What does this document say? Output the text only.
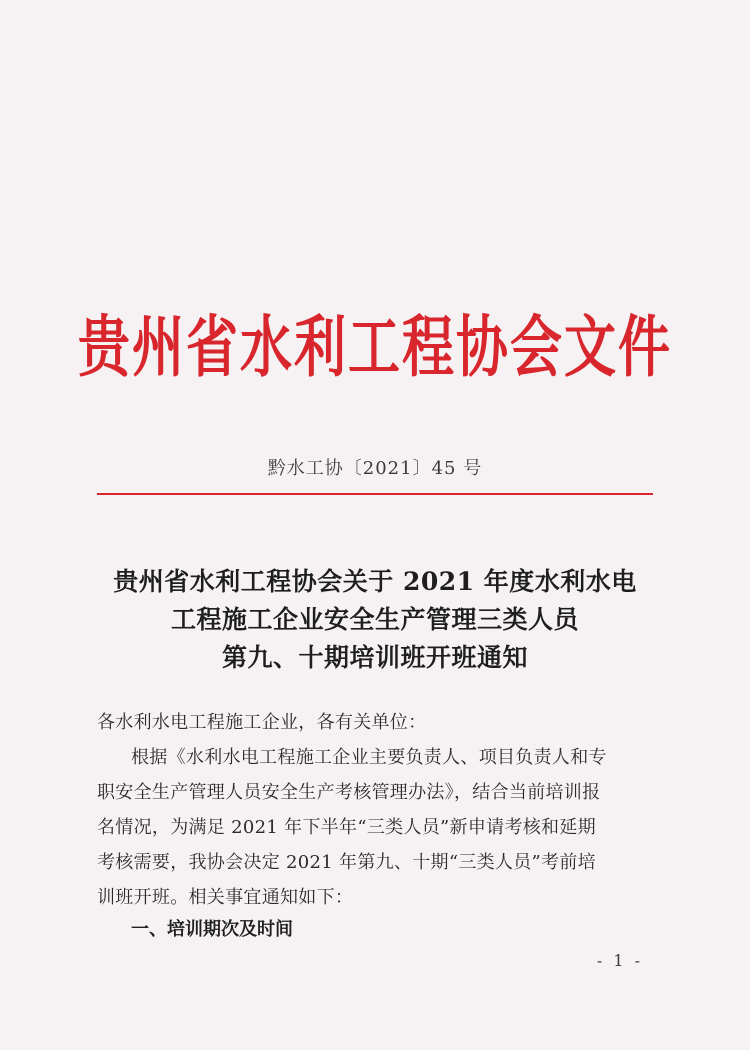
贵州省水利工程协会文件
黔水工协〔2021〕45 号
贵州省水利工程协会关于 2021 年度水利水电
工程施工企业安全生产管理三类人员
第九、十期培训班开班通知
各水利水电工程施工企业，各有关单位：
根据《水利水电工程施工企业主要负责人、项目负责人和专
职安全生产管理人员安全生产考核管理办法》，结合当前培训报
名情况，为满足 2021 年下半年“三类人员”新申请考核和延期
考核需要，我协会决定 2021 年第九、十期“三类人员”考前培
训班开班。相关事宜通知如下：
一、培训期次及时间
- 1 -
